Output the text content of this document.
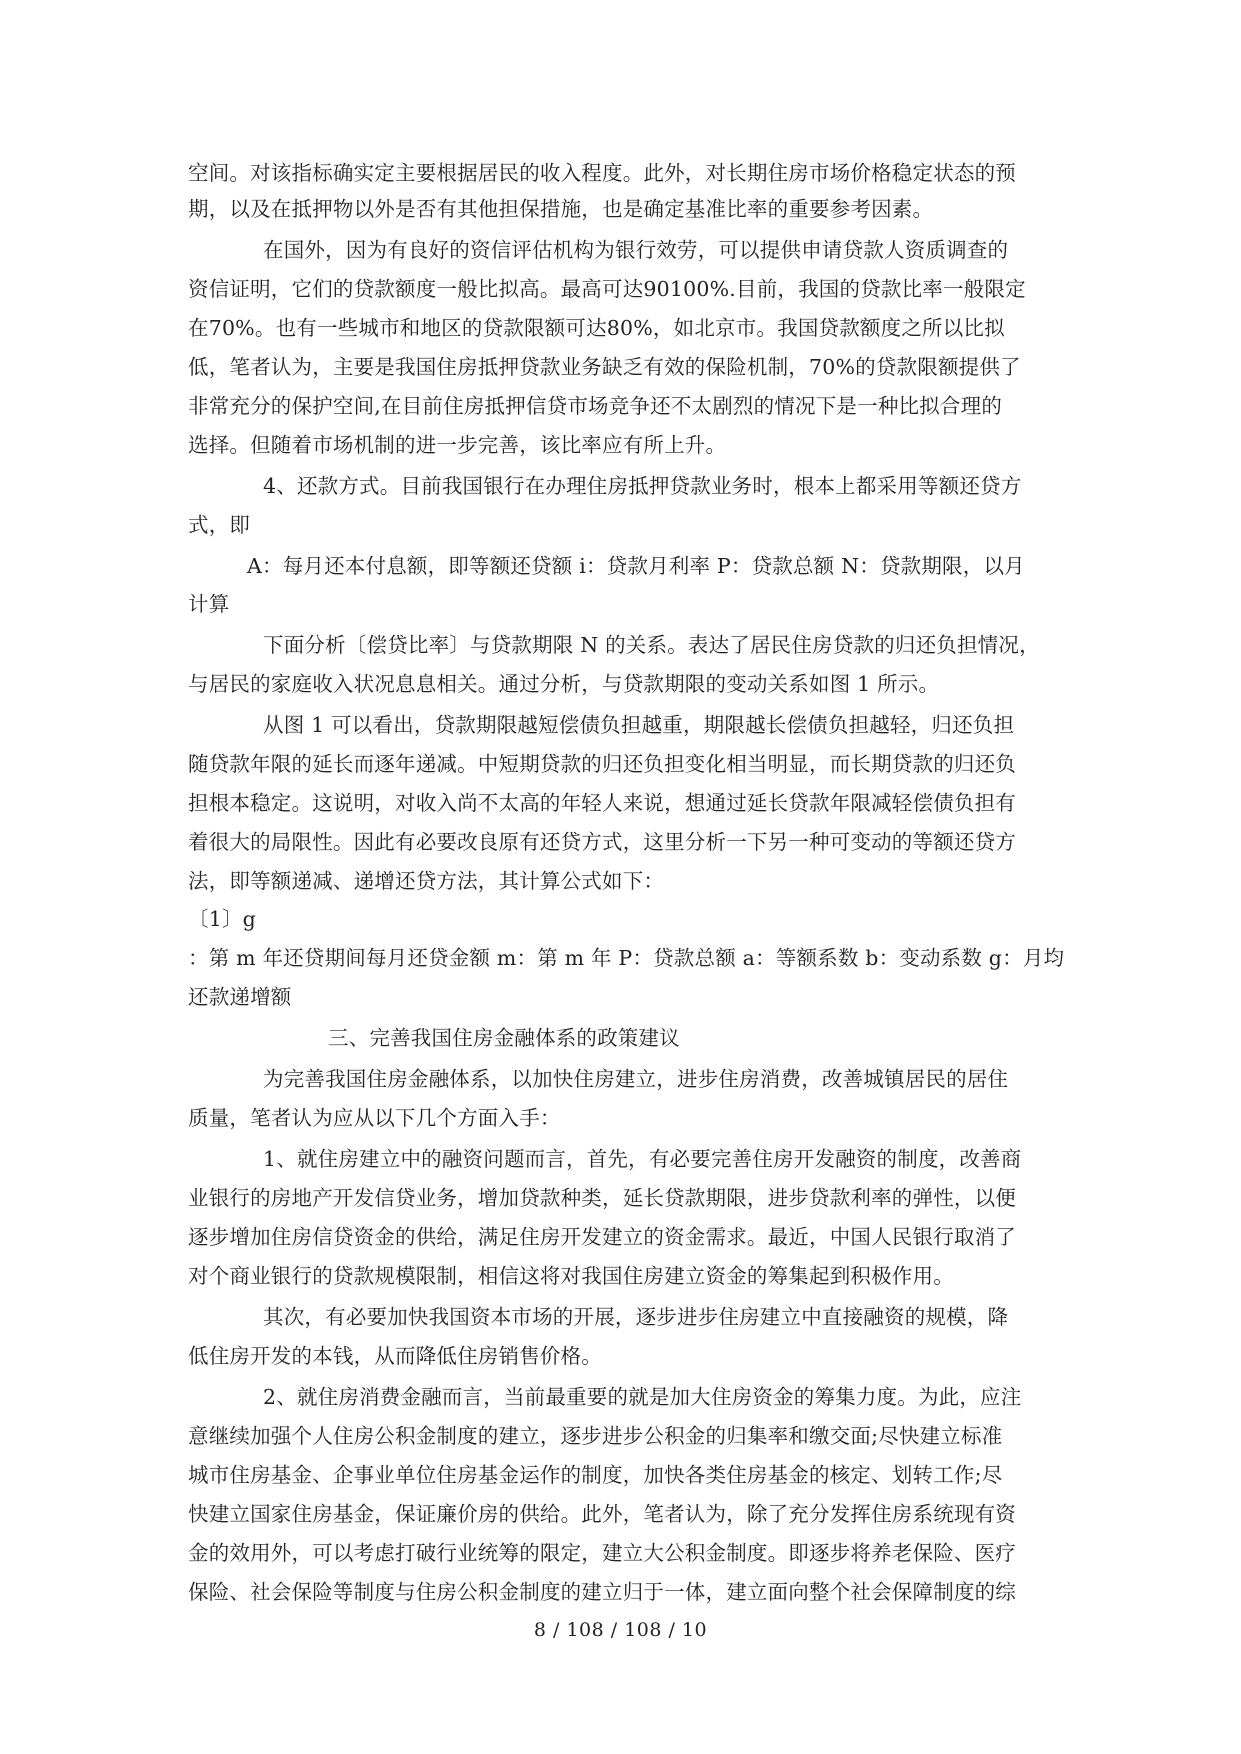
空间。对该指标确实定主要根据居民的收入程度。此外，对长期住房市场价格稳定状态的预
期，以及在抵押物以外是否有其他担保措施，也是确定基准比率的重要参考因素。
在国外，因为有良好的资信评估机构为银行效劳，可以提供申请贷款人资质调查的
资信证明，它们的贷款额度一般比拟高。最高可达90100%.目前，我国的贷款比率一般限定
在70%。也有一些城市和地区的贷款限额可达80%，如北京市。我国贷款额度之所以比拟
低，笔者认为，主要是我国住房抵押贷款业务缺乏有效的保险机制，70%的贷款限额提供了
非常充分的保护空间,在目前住房抵押信贷市场竞争还不太剧烈的情况下是一种比拟合理的
选择。但随着市场机制的进一步完善，该比率应有所上升。
4、还款方式。目前我国银行在办理住房抵押贷款业务时，根本上都采用等额还贷方
式，即
A：每月还本付息额，即等额还贷额 i：贷款月利率 P：贷款总额 N：贷款期限，以月
计算
下面分析〔偿贷比率〕与贷款期限 N 的关系。表达了居民住房贷款的归还负担情况，
与居民的家庭收入状况息息相关。通过分析，与贷款期限的变动关系如图 1 所示。
从图 1 可以看出，贷款期限越短偿债负担越重，期限越长偿债负担越轻，归还负担
随贷款年限的延长而逐年递减。中短期贷款的归还负担变化相当明显，而长期贷款的归还负
担根本稳定。这说明，对收入尚不太高的年轻人来说，想通过延长贷款年限减轻偿债负担有
着很大的局限性。因此有必要改良原有还贷方式，这里分析一下另一种可变动的等额还贷方
法，即等额递减、递增还贷方法，其计算公式如下：
〔1〕g
：第 m 年还贷期间每月还贷金额 m：第 m 年 P：贷款总额 a：等额系数 b：变动系数 g：月均
还款递增额
三、完善我国住房金融体系的政策建议
为完善我国住房金融体系，以加快住房建立，进步住房消费，改善城镇居民的居住
质量，笔者认为应从以下几个方面入手：
1、就住房建立中的融资问题而言，首先，有必要完善住房开发融资的制度，改善商
业银行的房地产开发信贷业务，增加贷款种类，延长贷款期限，进步贷款利率的弹性，以便
逐步增加住房信贷资金的供给，满足住房开发建立的资金需求。最近，中国人民银行取消了
对个商业银行的贷款规模限制，相信这将对我国住房建立资金的筹集起到积极作用。
其次，有必要加快我国资本市场的开展，逐步进步住房建立中直接融资的规模，降
低住房开发的本钱，从而降低住房销售价格。
2、就住房消费金融而言，当前最重要的就是加大住房资金的筹集力度。为此，应注
意继续加强个人住房公积金制度的建立，逐步进步公积金的归集率和缴交面;尽快建立标准
城市住房基金、企事业单位住房基金运作的制度，加快各类住房基金的核定、划转工作;尽
快建立国家住房基金，保证廉价房的供给。此外，笔者认为，除了充分发挥住房系统现有资
金的效用外，可以考虑打破行业统筹的限定，建立大公积金制度。即逐步将养老保险、医疗
保险、社会保险等制度与住房公积金制度的建立归于一体，建立面向整个社会保障制度的综
8 / 108 / 108 / 10
